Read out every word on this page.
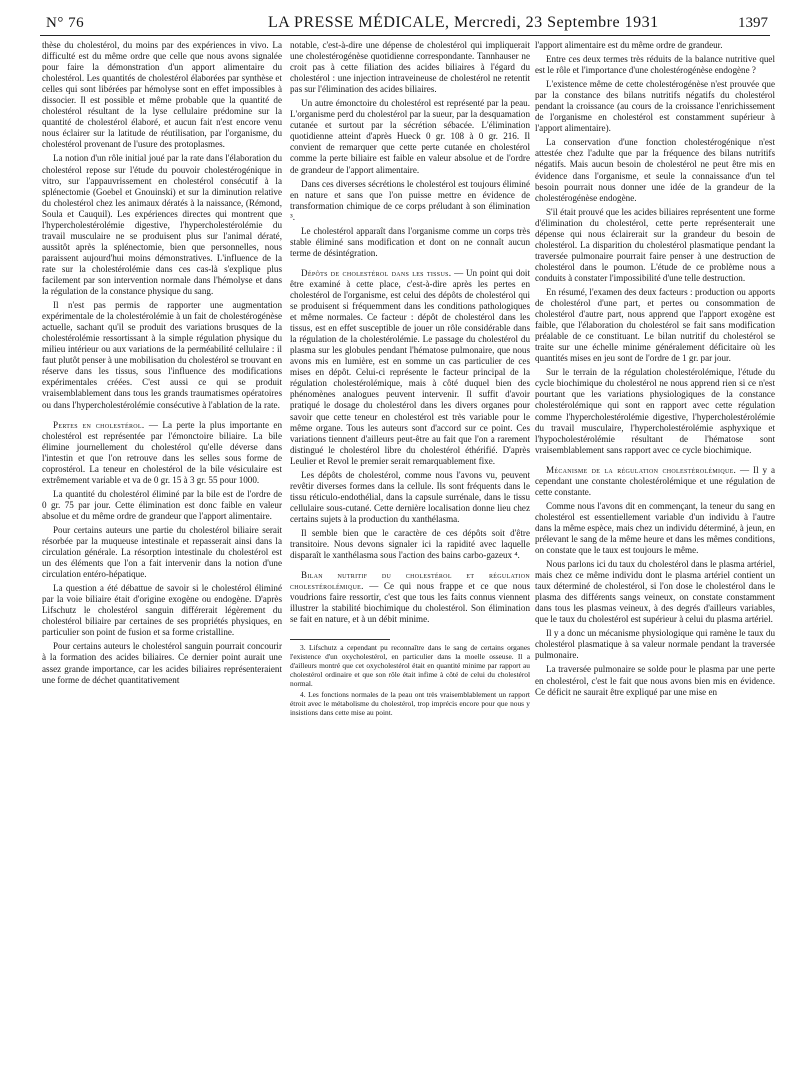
N° 76	LA PRESSE MÉDICALE, Mercredi, 23 Septembre 1931	1397

thèse du cholestérol, du moins par des expériences in vivo. La difficulté est du même ordre que celle que nous avons signalée pour faire la démonstration d'un apport alimentaire du cholestérol. Les quantités de cholestérol élaborées par synthèse et celles qui sont libérées par hémolyse sont en effet impossibles à dissocier. Il est possible et même probable que la quantité de cholestérol résultant de la lyse cellulaire prédomine sur la quantité de cholestérol élaboré, et aucun fait n'est encore venu nous éclairer sur la latitude de réutilisation, par l'organisme, du cholestérol provenant de l'usure des protoplasmes.

La notion d'un rôle initial joué par la rate dans l'élaboration du cholestérol repose sur l'étude du pouvoir cholestérogénique in vitro, sur l'appauvrissement en cholestérol consécutif à la splénectomie (Goebel et Gnouinski) et sur la diminution relative du cholestérol chez les animaux dératés à la naissance, (Rémond, Soula et Cauquil). Les expériences directes qui montrent que l'hypercholestérolémie digestive, l'hypercholestérolémie du travail musculaire ne se produisent plus sur l'animal dératé, aussitôt après la splénectomie, bien que personnelles, nous paraissent aujourd'hui moins démonstratives. L'influence de la rate sur la cholestérolémie dans ces cas-là s'explique plus facilement par son intervention normale dans l'hémolyse et dans la régulation de la constance physique du sang.

Il n'est pas permis de rapporter une augmentation expérimentale de la cholestérolémie à un fait de cholestérogénèse actuelle, sachant qu'il se produit des variations brusques de la cholestérolémie ressortissant à la simple régulation physique du milieu intérieur ou aux variations de la perméabilité cellulaire : il faut plutôt penser à une mobilisation du cholestérol se trouvant en réserve dans les tissus, sous l'influence des modifications expérimentales créées. C'est aussi ce qui se produit vraisemblablement dans tous les grands traumatismes opératoires ou dans l'hypercholestérolémie consécutive à l'ablation de la rate.

Pertes en cholestérol. — La perte la plus importante en cholestérol est représentée par l'émonctoire biliaire. La bile élimine journellement du cholestérol qu'elle déverse dans l'intestin et que l'on retrouve dans les selles sous forme de coprostérol. La teneur en cholestérol de la bile vésiculaire est extrêmement variable et va de 0 gr. 15 à 3 gr. 55 pour 1000.

La quantité du cholestérol éliminé par la bile est de l'ordre de 0 gr. 75 par jour. Cette élimination est donc faible en valeur absolue et du même ordre de grandeur que l'apport alimentaire.

Pour certains auteurs une partie du cholestérol biliaire serait résorbée par la muqueuse intestinale et repasserait ainsi dans la circulation générale. La résorption intestinale du cholestérol est un des éléments que l'on a fait intervenir dans la notion d'une circulation entéro-hépatique.

La question a été débattue de savoir si le cholestérol éliminé par la voie biliaire était d'origine exogène ou endogène. D'après Lifschutz le cholestérol sanguin différerait légèrement du cholestérol biliaire par certaines de ses propriétés physiques, en particulier son point de fusion et sa forme cristalline.

Pour certains auteurs le cholestérol sanguin pourrait concourir à la formation des acides biliaires. Ce dernier point aurait une assez grande importance, car les acides biliaires représenteraient une forme de déchet quantitativement

notable, c'est-à-dire une dépense de cholestérol qui impliquerait une cholestérogénèse quotidienne correspondante. Tannhauser ne croit pas à cette filiation des acides biliaires à l'égard du cholestérol : une injection intraveineuse de cholestérol ne retentit pas sur l'élimination des acides biliaires.

Un autre émonctoire du cholestérol est représenté par la peau. L'organisme perd du cholestérol par la sueur, par la desquamation cutanée et surtout par la sécrétion sébacée. L'élimination quotidienne atteint d'après Hueck 0 gr. 108 à 0 gr. 216. Il convient de remarquer que cette perte cutanée en cholestérol comme la perte biliaire est faible en valeur absolue et de l'ordre de grandeur de l'apport alimentaire.

Dans ces diverses sécrétions le cholestérol est toujours éliminé en nature et sans que l'on puisse mettre en évidence de transformation chimique de ce corps préludant à son élimination ³.

Le cholestérol apparaît dans l'organisme comme un corps très stable éliminé sans modification et dont on ne connaît aucun terme de désintégration.

Dépôts de cholestérol dans les tissus. — Un point qui doit être examiné à cette place, c'est-à-dire après les pertes en cholestérol de l'organisme, est celui des dépôts de cholestérol qui se produisent si fréquemment dans les conditions pathologiques et même normales. Ce facteur : dépôt de cholestérol dans les tissus, est en effet susceptible de jouer un rôle considérable dans la régulation de la cholestérolémie. Le passage du cholestérol du plasma sur les globules pendant l'hématose pulmonaire, que nous avons mis en lumière, est en somme un cas particulier de ces mises en dépôt. Celui-ci représente le facteur principal de la régulation cholestérolémique, mais à côté duquel bien des phénomènes analogues peuvent intervenir. Il suffit d'avoir pratiqué le dosage du cholestérol dans les divers organes pour savoir que cette teneur en cholestérol est très variable pour le même organe. Tous les auteurs sont d'accord sur ce point. Ces variations tiennent d'ailleurs peut-être au fait que l'on a rarement distingué le cholestérol libre du cholestérol éthérifié. D'après Leulier et Revol le premier serait remarquablement fixe.

Les dépôts de cholestérol, comme nous l'avons vu, peuvent revêtir diverses formes dans la cellule. Ils sont fréquents dans le tissu réticulo-endothélial, dans la capsule surrénale, dans le tissu cellulaire sous-cutané. Cette dernière localisation donne lieu chez certains sujets à la production du xanthélasma.

Il semble bien que le caractère de ces dépôts soit d'être transitoire. Nous devons signaler ici la rapidité avec laquelle disparaît le xanthélasma sous l'action des bains carbo-gazeux ⁴.

Bilan nutritif du cholestérol et régulation cholestérolémique. — Ce qui nous frappe et ce que nous voudrions faire ressortir, c'est que tous les faits connus viennent illustrer la stabilité biochimique du cholestérol. Son élimination se fait en nature, et à un débit minime.

3. Lifschutz a cependant pu reconnaître dans le sang de certains organes l'existence d'un oxycholestérol, en particulier dans la moelle osseuse. Il a d'ailleurs montré que cet oxycholestérol était en quantité minime par rapport au cholestérol ordinaire et que son rôle était infime à côté de celui du cholestérol normal.

4. Les fonctions normales de la peau ont très vraisemblablement un rapport étroit avec le métabolisme du cholestérol, trop imprécis encore pour que nous y insistions dans cette mise au point.

l'apport alimentaire est du même ordre de grandeur.

Entre ces deux termes très réduits de la balance nutritive quel est le rôle et l'importance d'une cholestérogénèse endogène ?

L'existence même de cette cholestérogénèse n'est prouvée que par la constance des bilans nutritifs négatifs du cholestérol pendant la croissance (au cours de la croissance l'enrichissement de l'organisme en cholestérol est constamment supérieur à l'apport alimentaire).

La conservation d'une fonction cholestérogénique n'est attestée chez l'adulte que par la fréquence des bilans nutritifs négatifs. Mais aucun besoin de cholestérol ne peut être mis en évidence dans l'organisme, et seule la connaissance d'un tel besoin pourrait nous donner une idée de la grandeur de la cholestérogénèse endogène.

S'il était prouvé que les acides biliaires représentent une forme d'élimination du cholestérol, cette perte représenterait une dépense qui nous éclairerait sur la grandeur du besoin de cholestérol. La disparition du cholestérol plasmatique pendant la traversée pulmonaire pourrait faire penser à une destruction de cholestérol dans le poumon. L'étude de ce problème nous a conduits à constater l'impossibilité d'une telle destruction.

En résumé, l'examen des deux facteurs : production ou apports de cholestérol d'une part, et pertes ou consommation de cholestérol d'autre part, nous apprend que l'apport exogène est faible, que l'élaboration du cholestérol se fait sans modification préalable de ce constituant. Le bilan nutritif du cholestérol se traite sur une échelle minime généralement déficitaire où les quantités mises en jeu sont de l'ordre de 1 gr. par jour.

Sur le terrain de la régulation cholestérolémique, l'étude du cycle biochimique du cholestérol ne nous apprend rien si ce n'est pourtant que les variations physiologiques de la constance cholestérolémique qui sont en rapport avec cette régulation comme l'hypercholestérolémie digestive, l'hypercholestérolémie du travail musculaire, l'hypercholestérolémie asphyxique et l'hypocholestérolémie résultant de l'hématose sont vraisemblablement sans rapport avec ce cycle biochimique.

Mécanisme de la régulation cholestérolémique. — Il y a cependant une constante cholestérolémique et une régulation de cette constante.

Comme nous l'avons dit en commençant, la teneur du sang en cholestérol est essentiellement variable d'un individu à l'autre dans la même espèce, mais chez un individu déterminé, à jeun, en prélevant le sang de la même heure et dans les mêmes conditions, on constate que le taux est toujours le même.

Nous parlons ici du taux du cholestérol dans le plasma artériel, mais chez ce même individu dont le plasma artériel contient un taux déterminé de cholestérol, si l'on dose le cholestérol dans le plasma des différents sangs veineux, on constate constamment dans tous les plasmas veineux, à des degrés d'ailleurs variables, que le taux du cholestérol est supérieur à celui du plasma artériel.

Il y a donc un mécanisme physiologique qui ramène le taux du cholestérol plasmatique à sa valeur normale pendant la traversée pulmonaire.

La traversée pulmonaire se solde pour le plasma par une perte en cholestérol, c'est le fait que nous avons bien mis en évidence. Ce déficit ne saurait être expliqué par une mise en
